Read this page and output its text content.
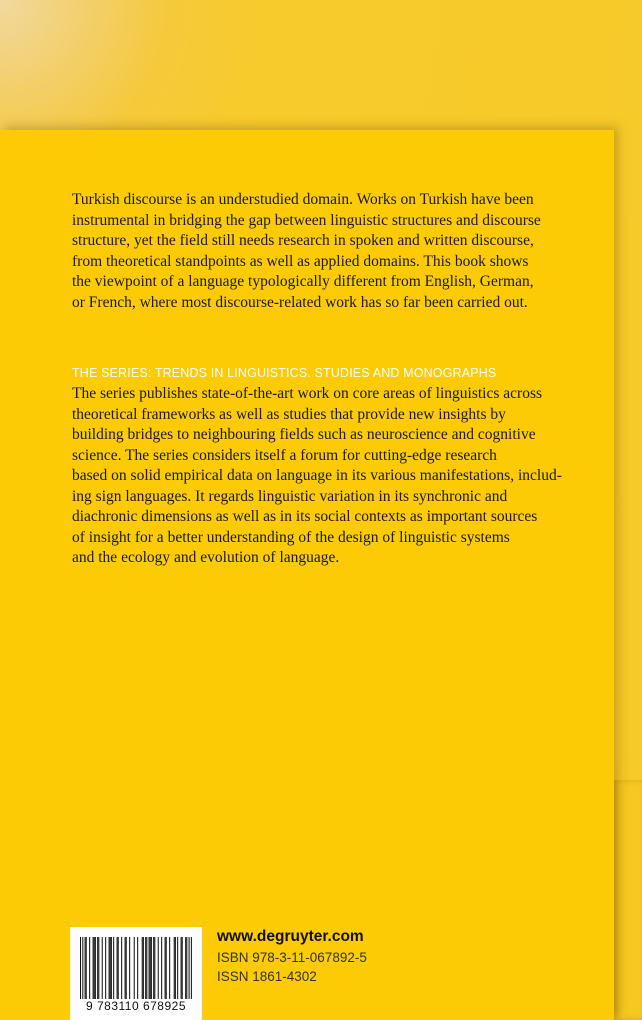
Turkish discourse is an understudied domain. Works on Turkish have been
instrumental in bridging the gap between linguistic structures and discourse
structure, yet the field still needs research in spoken and written discourse,
from theoretical standpoints as well as applied domains. This book shows
the viewpoint of a language typologically different from English, German,
or French, where most discourse-related work has so far been carried out.

THE SERIES: TRENDS IN LINGUISTICS. STUDIES AND MONOGRAPHS

The series publishes state-of-the-art work on core areas of linguistics across
theoretical frameworks as well as studies that provide new insights by
building bridges to neighbouring fields such as neuroscience and cognitive
science. The series considers itself a forum for cutting-edge research
based on solid empirical data on language in its various manifestations, includ-
ing sign languages. It regards linguistic variation in its synchronic and
diachronic dimensions as well as in its social contexts as important sources
of insight for a better understanding of the design of linguistic systems
and the ecology and evolution of language.

9 783110 678925
www.degruyter.com
ISBN 978-3-11-067892-5
ISSN 1861-4302
